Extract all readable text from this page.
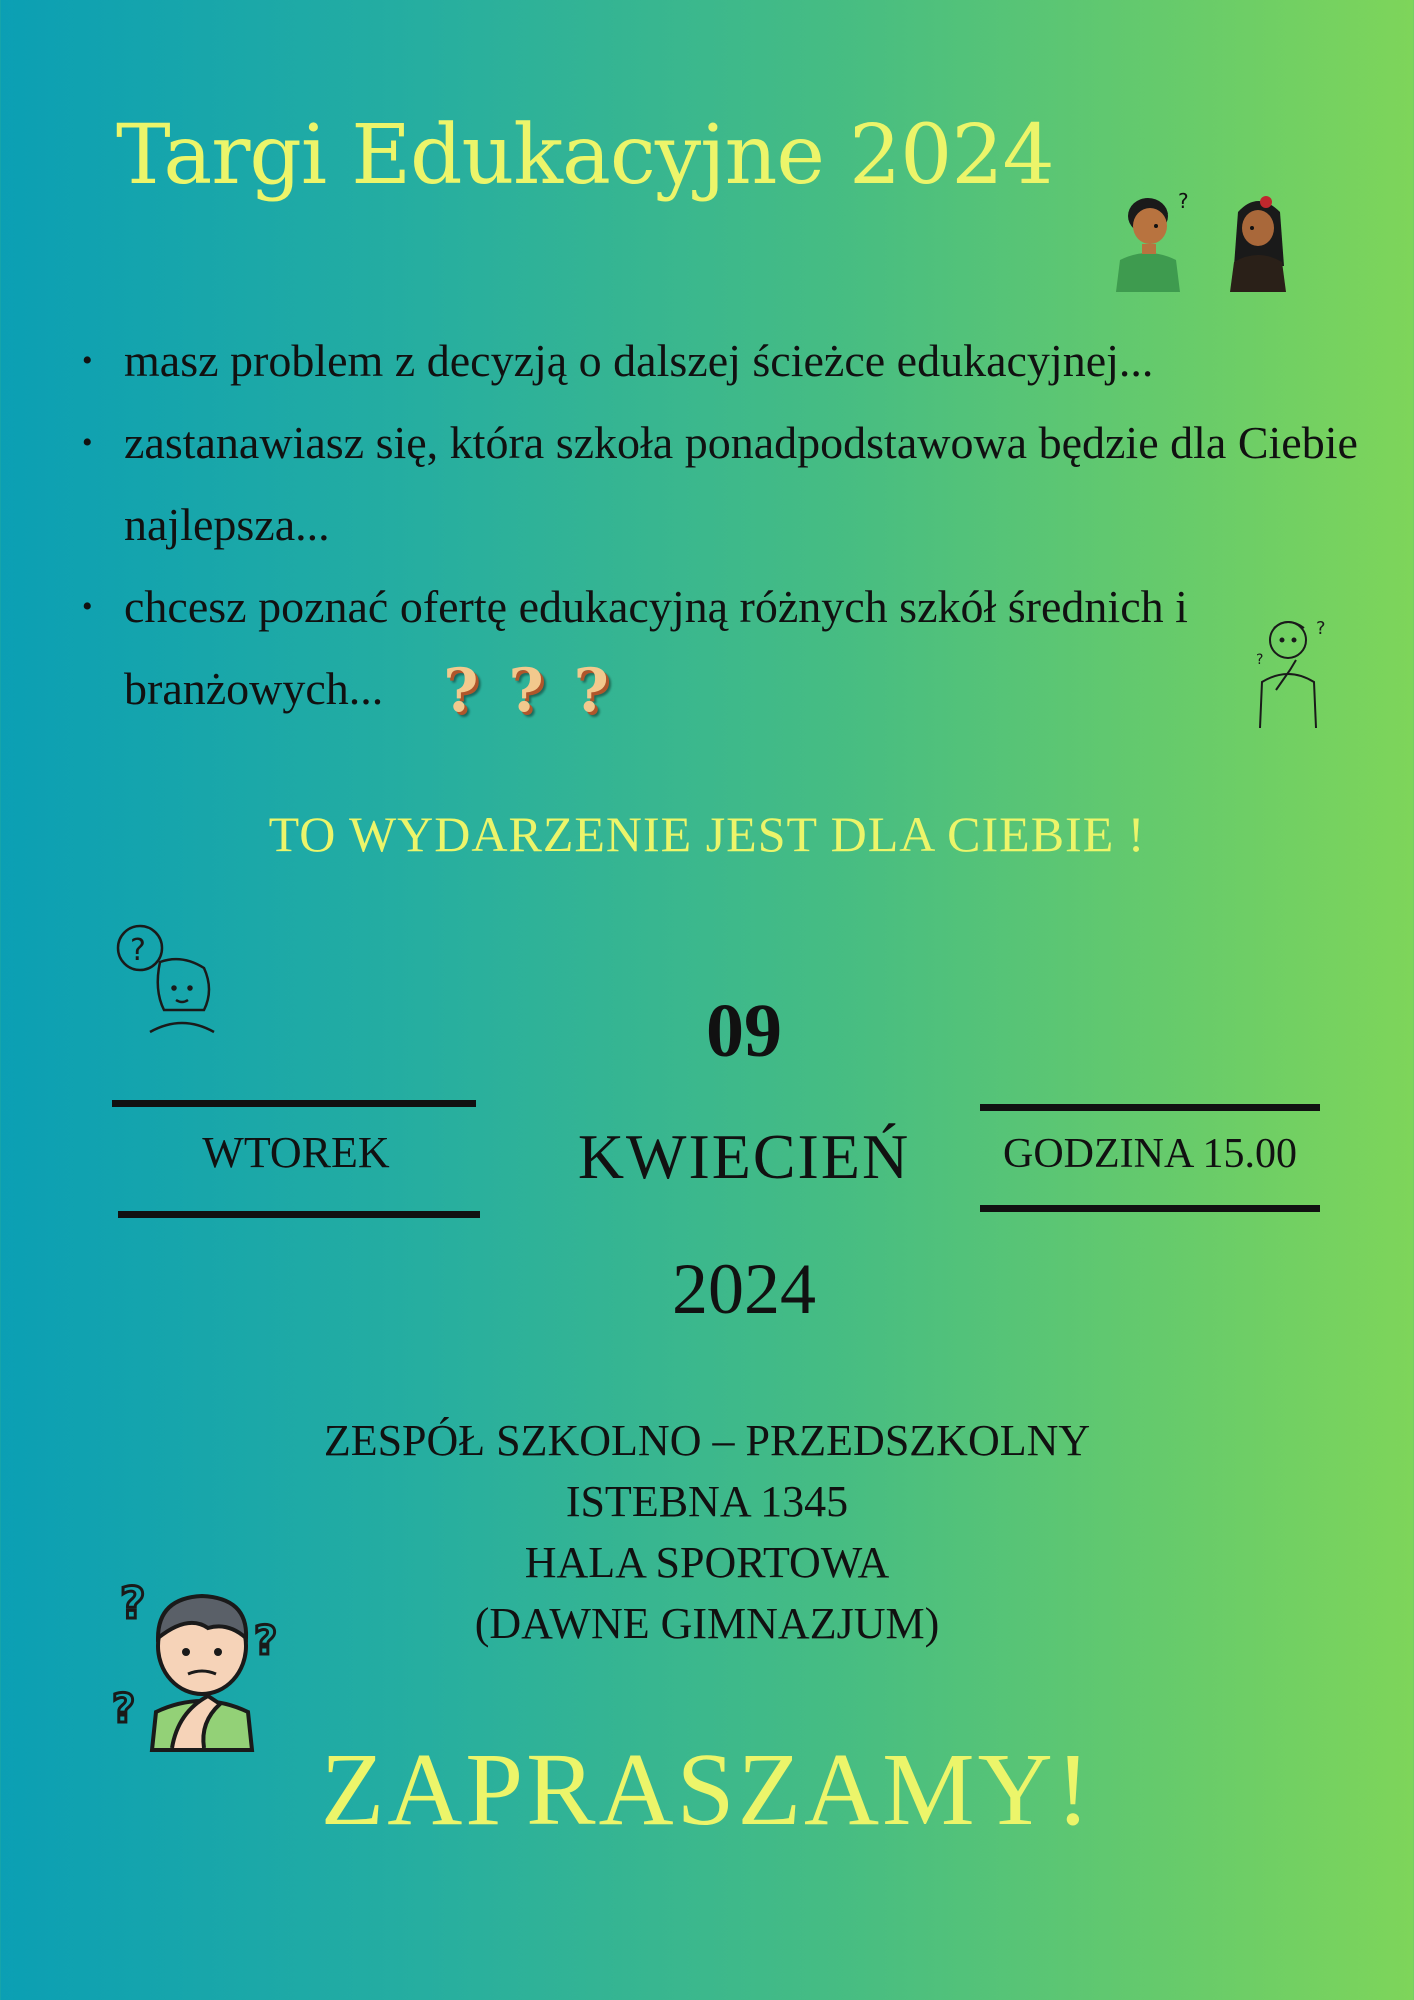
Targi Edukacyjne 2024	?
• masz problem z decyzją o dalszej ścieżce edukacyjnej...
• zastanawiasz się, która szkoła ponadpodstawowa będzie dla Ciebie najlepsza...
• chcesz poznać ofertę edukacyjną różnych szkół średnich i branżowych... ? ? ?
?
?
TO WYDARZENIE JEST DLA CIEBIE !
?
09
WTOREK	KWIECIEŃ	GODZINA 15.00
2024
ZESPÓŁ SZKOLNO – PRZEDSZKOLNY
ISTEBNA 1345
HALA SPORTOWA
(DAWNE GIMNAZJUM)
?
?
?
ZAPRASZAMY!
